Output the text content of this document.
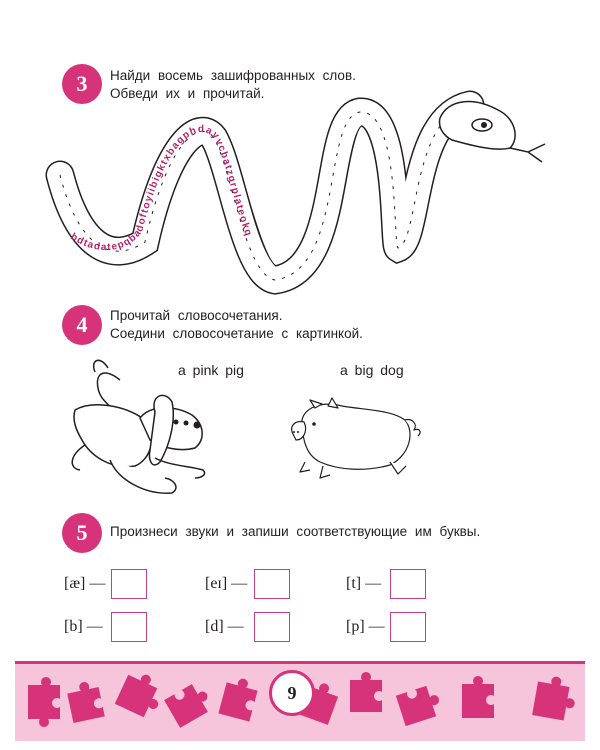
3 Найди восемь зашифрованных слов.
Обведи их и прочитай.
bdtadatepqbadoftoyiibigktxbagphdayvcbatzgrplateokq
4 Прочитай словосочетания.
Соедини словосочетание с картинкой.
a pink pig	a big dog
5 Произнеси звуки и запиши соответствующие им буквы.
[æ] —	[eɪ] —	[t] —
[b] —	[d] —	[p] —
9
